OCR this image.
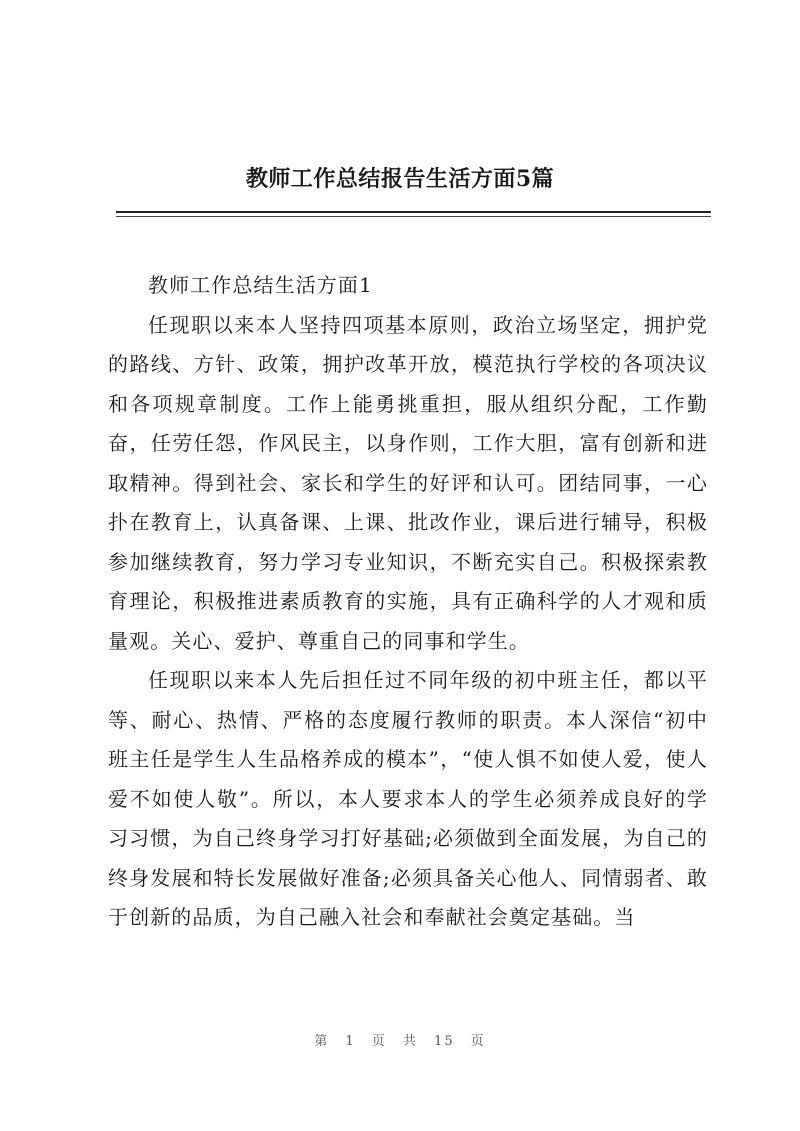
教师工作总结报告生活方面5篇

教师工作总结生活方面1

任现职以来本人坚持四项基本原则，政治立场坚定，拥护党的路线、方针、政策，拥护改革开放，模范执行学校的各项决议和各项规章制度。工作上能勇挑重担，服从组织分配，工作勤奋，任劳任怨，作风民主，以身作则，工作大胆，富有创新和进取精神。得到社会、家长和学生的好评和认可。团结同事，一心扑在教育上，认真备课、上课、批改作业，课后进行辅导，积极参加继续教育，努力学习专业知识，不断充实自己。积极探索教育理论，积极推进素质教育的实施，具有正确科学的人才观和质量观。关心、爱护、尊重自己的同事和学生。

任现职以来本人先后担任过不同年级的初中班主任，都以平等、耐心、热情、严格的态度履行教师的职责。本人深信“初中班主任是学生人生品格养成的模本”，“使人惧不如使人爱，使人爱不如使人敬”。所以，本人要求本人的学生必须养成良好的学习习惯，为自己终身学习打好基础;必须做到全面发展，为自己的终身发展和特长发展做好准备;必须具备关心他人、同情弱者、敢于创新的品质，为自己融入社会和奉献社会奠定基础。当

第 1 页 共 15 页
